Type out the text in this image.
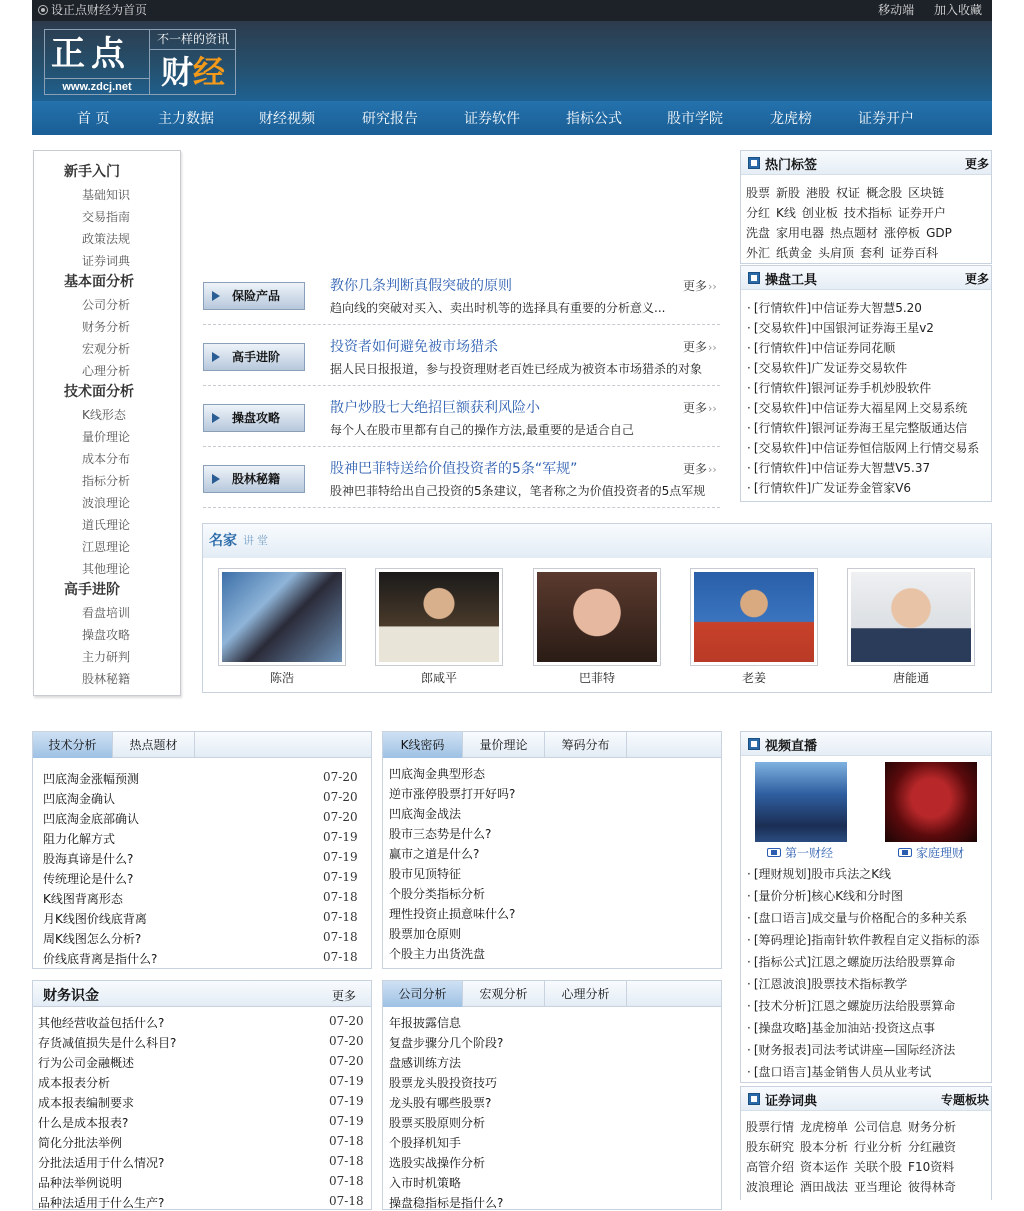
设正点财经为首页	移动端 加入收藏
正点
www.zdcj.net
不一样的资讯
财经
首 页	主力数据	财经视频	研究报告	证券软件	指标公式	股市学院	龙虎榜	证券开户
新手入门
基础知识
交易指南
政策法规
证券词典
基本面分析
公司分析
财务分析
宏观分析
心理分析
技术面分析
K线形态
量价理论
成本分布
指标分析
波浪理论
道氏理论
江恩理论
其他理论
高手进阶
看盘培训
操盘攻略
主力研判
股林秘籍
保险产品
教你几条判断真假突破的原则
趋向线的突破对买入、卖出时机等的选择具有重要的分析意义...
更多››
高手进阶
投资者如何避免被市场猎杀
据人民日报报道，参与投资理财老百姓已经成为被资本市场猎杀的对象
更多››
操盘攻略
散户炒股七大绝招巨额获利风险小
每个人在股市里都有自己的操作方法,最重要的是适合自己
更多››
股林秘籍
股神巴菲特送给价值投资者的5条“军规”
股神巴菲特给出自己投资的5条建议，笔者称之为价值投资者的5点军规
更多››
名家 讲堂
陈浩	郎咸平	巴菲特	老姜	唐能通
热门标签	更多
股票 新股 港股 权证 概念股 区块链
分红 K线 创业板 技术指标 证券开户
洗盘 家用电器 热点题材 涨停板 GDP
外汇 纸黄金 头肩顶 套利 证券百科
操盘工具	更多
· [行情软件]中信证券大智慧5.20
· [交易软件]中国银河证券海王星v2
· [行情软件]中信证券同花顺
· [交易软件]广发证券交易软件
· [行情软件]银河证券手机炒股软件
· [交易软件]中信证券大福星网上交易系统
· [行情软件]银河证券海王星完整版通达信
· [交易软件]中信证券恒信版网上行情交易系
· [行情软件]中信证券大智慧V5.37
· [行情软件]广发证券金管家V6
技术分析	热点题材
凹底淘金涨幅预测	07-20
凹底淘金确认	07-20
凹底淘金底部确认	07-20
阻力化解方式	07-19
股海真谛是什么?	07-19
传统理论是什么?	07-19
K线图背离形态	07-18
月K线图价线底背离	07-18
周K线图怎么分析?	07-18
价线底背离是指什么?	07-18
K线密码	量价理论	筹码分布
凹底淘金典型形态
逆市涨停股票打开好吗?
凹底淘金战法
股市三态势是什么?
赢市之道是什么?
股市见顶特征
个股分类指标分析
理性投资止损意味什么?
股票加仓原则
个股主力出货洗盘
财务识金	更多
其他经营收益包括什么?	07-20
存货减值损失是什么科目?	07-20
行为公司金融概述	07-20
成本报表分析	07-19
成本报表编制要求	07-19
什么是成本报表?	07-19
简化分批法举例	07-18
分批法适用于什么情况?	07-18
品种法举例说明	07-18
品种法适用于什么生产?	07-18
公司分析	宏观分析	心理分析
年报披露信息
复盘步骤分几个阶段?
盘感训练方法
股票龙头股投资技巧
龙头股有哪些股票?
股票买股原则分析
个股择机知手
选股实战操作分析
入市时机策略
操盘稳指标是指什么?
视频直播
第一财经	家庭理财
· [理财规划]股市兵法之K线
· [量价分析]核心K线和分时图
· [盘口语言]成交量与价格配合的多种关系
· [筹码理论]指南针软件教程自定义指标的添
· [指标公式]江恩之螺旋历法给股票算命
· [江恩波浪]股票技术指标教学
· [技术分析]江恩之螺旋历法给股票算命
· [操盘攻略]基金加油站·投资这点事
· [财务报表]司法考试讲座—国际经济法
· [盘口语言]基金销售人员从业考试
证券词典	专题板块
股票行情 龙虎榜单 公司信息 财务分析
股东研究 股本分析 行业分析 分红融资
高管介绍 资本运作 关联个股 F10资料
波浪理论 酒田战法 亚当理论 彼得林奇
